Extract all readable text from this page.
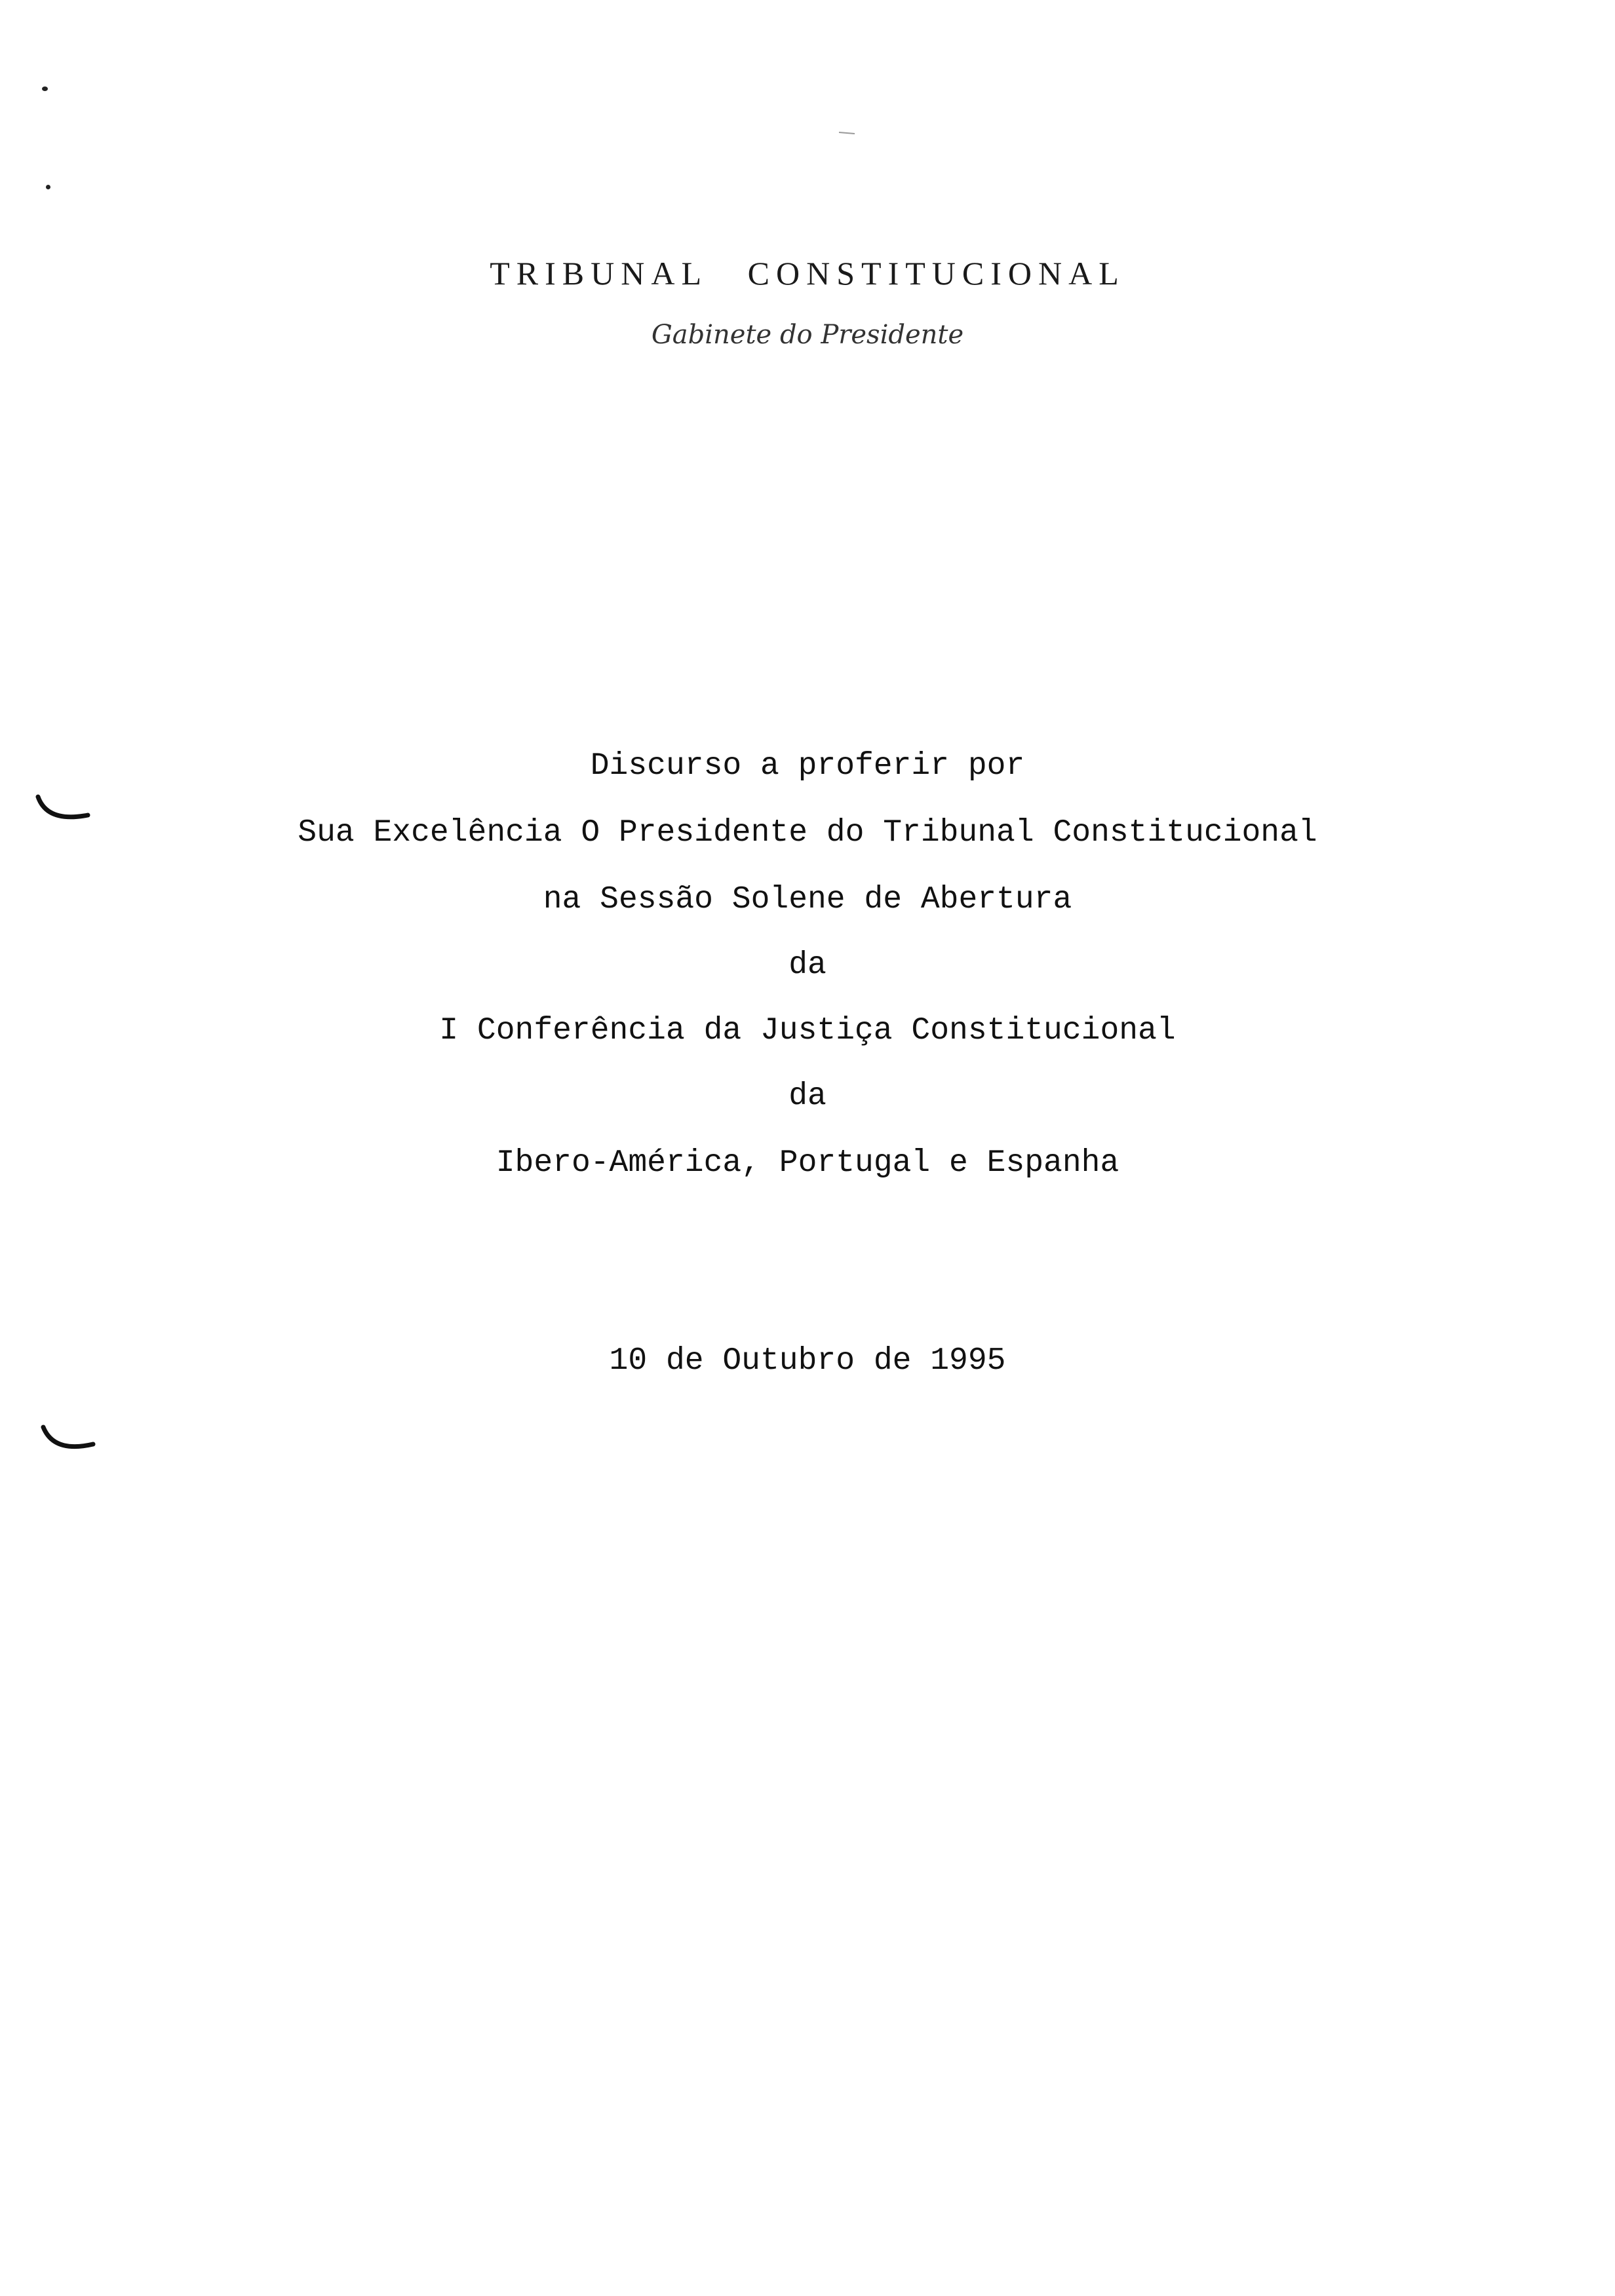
TRIBUNAL CONSTITUCIONAL
Gabinete do Presidente
Discurso a proferir por
Sua Excelência O Presidente do Tribunal Constitucional
na Sessão Solene de Abertura
da
I Conferência da Justiça Constitucional
da
Ibero-América, Portugal e Espanha
10 de Outubro de 1995
